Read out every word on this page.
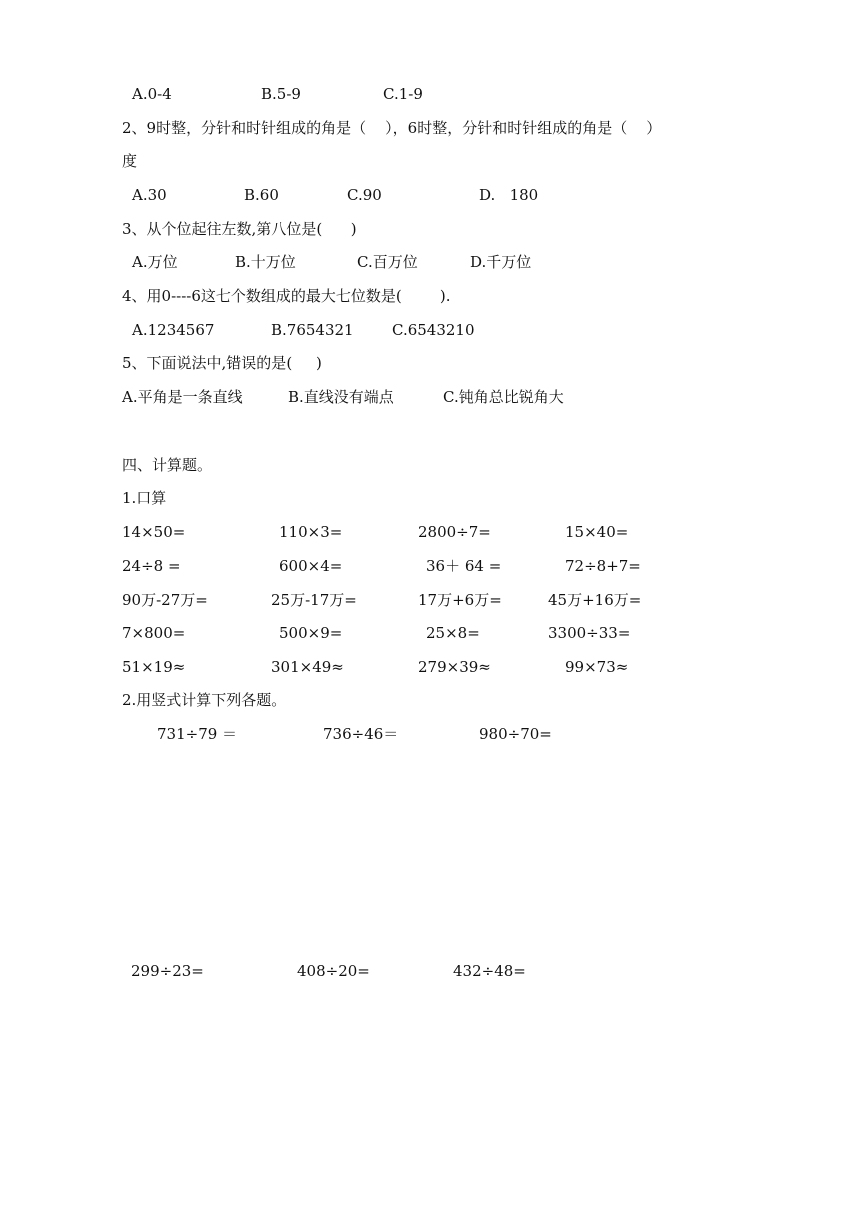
A.0-4	B.5-9	C.1-9
2、9时整，分针和时针组成的角是（    ），6时整，分针和时针组成的角是（    ）
度
A.30	B.60	C.90	D.   180
3、从个位起往左数,第八位是(      )
A.万位	B.十万位	C.百万位	D.千万位
4、用0----6这七个数组成的最大七位数是(        ).
A.1234567	B.7654321	C.6543210
5、下面说法中,错误的是(     )
A.平角是一条直线	B.直线没有端点	C.钝角总比锐角大
四、计算题。
1.口算
14×50=	110×3=	2800÷7=	15×40=
24÷8 =	600×4=	36＋ 64 =	72÷8+7=
90万-27万=	25万-17万=	17万+6万=	45万+16万=
7×800=	500×9=	25×8=	3300÷33=
51×19≈	301×49≈	279×39≈	99×73≈
2.用竖式计算下列各题。
731÷79 ＝	736÷46＝	980÷70=
299÷23=	408÷20=	432÷48=
